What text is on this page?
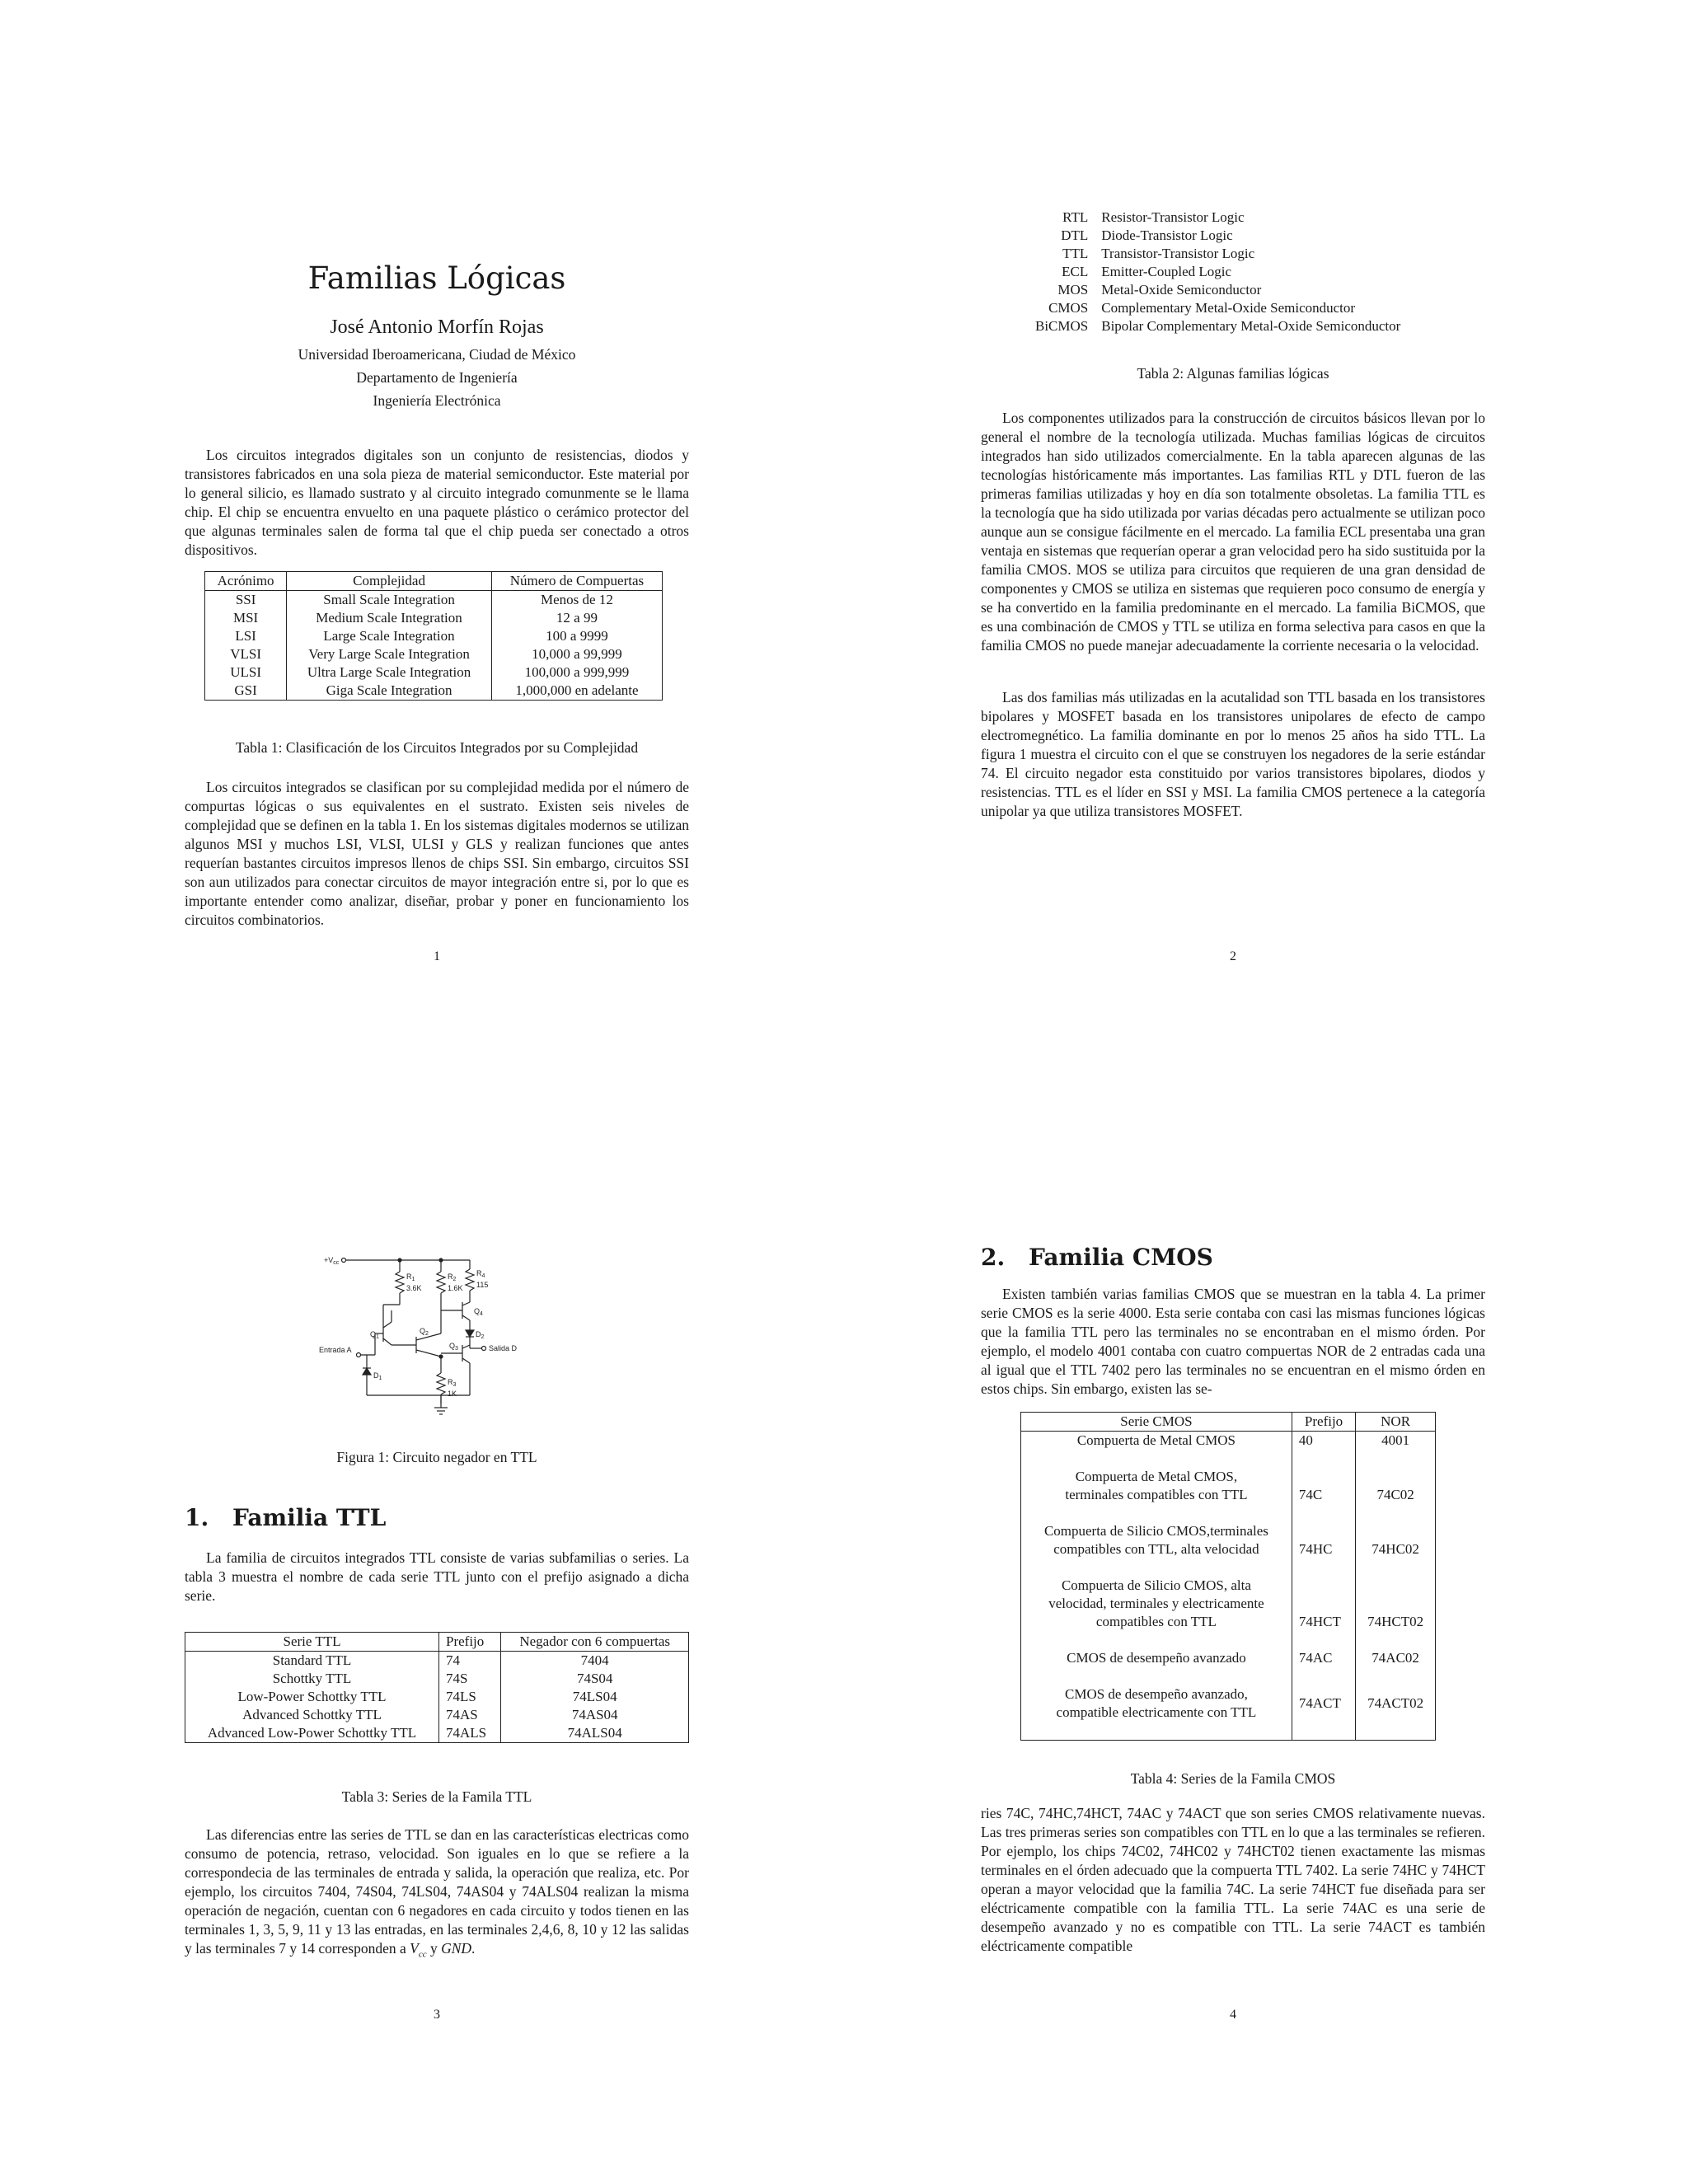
Familias Lógicas
José Antonio Morfín Rojas
Universidad Iberoamericana, Ciudad de México
Departamento de Ingeniería
Ingeniería Electrónica
Los circuitos integrados digitales son un conjunto de resistencias, diodos y transistores fabricados en una sola pieza de material semiconductor. Este material por lo general silicio, es llamado sustrato y al circuito integrado comunmente se le llama chip. El chip se encuentra envuelto en una paquete plástico o cerámico protector del que algunas terminales salen de forma tal que el chip pueda ser conectado a otros dispositivos.
Acrónimo	Complejidad	Número de Compuertas
SSI	Small Scale Integration	Menos de 12
MSI	Medium Scale Integration	12 a 99
LSI	Large Scale Integration	100 a 9999
VLSI	Very Large Scale Integration	10,000 a 99,999
ULSI	Ultra Large Scale Integration	100,000 a 999,999
GSI	Giga Scale Integration	1,000,000 en adelante
Tabla 1: Clasificación de los Circuitos Integrados por su Complejidad
Los circuitos integrados se clasifican por su complejidad medida por el número de compurtas lógicas o sus equivalentes en el sustrato. Existen seis niveles de complejidad que se definen en la tabla 1. En los sistemas digitales modernos se utilizan algunos MSI y muchos LSI, VLSI, ULSI y GLS y realizan funciones que antes requerían bastantes circuitos impresos llenos de chips SSI. Sin embargo, circuitos SSI son aun utilizados para conectar circuitos de mayor integración entre si, por lo que es importante entender como analizar, diseñar, probar y poner en funcionamiento los circuitos combinatorios.
1
RTL	Resistor-Transistor Logic
DTL	Diode-Transistor Logic
TTL	Transistor-Transistor Logic
ECL	Emitter-Coupled Logic
MOS	Metal-Oxide Semiconductor
CMOS	Complementary Metal-Oxide Semiconductor
BiCMOS	Bipolar Complementary Metal-Oxide Semiconductor
Tabla 2: Algunas familias lógicas
Los componentes utilizados para la construcción de circuitos básicos llevan por lo general el nombre de la tecnología utilizada. Muchas familias lógicas de circuitos integrados han sido utilizados comercialmente. En la tabla aparecen algunas de las tecnologías históricamente más importantes. Las familias RTL y DTL fueron de las primeras familias utilizadas y hoy en día son totalmente obsoletas. La familia TTL es la tecnología que ha sido utilizada por varias décadas pero actualmente se utilizan poco aunque aun se consigue fácilmente en el mercado. La familia ECL presentaba una gran ventaja en sistemas que requerían operar a gran velocidad pero ha sido sustituida por la familia CMOS. MOS se utiliza para circuitos que requieren de una gran densidad de componentes y CMOS se utiliza en sistemas que requieren poco consumo de energía y se ha convertido en la familia predominante en el mercado. La familia BiCMOS, que es una combinación de CMOS y TTL se utiliza en forma selectiva para casos en que la familia CMOS no puede manejar adecuadamente la corriente necesaria o la velocidad.
Las dos familias más utilizadas en la acutalidad son TTL basada en los transistores bipolares y MOSFET basada en los transistores unipolares de efecto de campo electromegnético. La familia dominante en por lo menos 25 años ha sido TTL. La figura 1 muestra el circuito con el que se construyen los negadores de la serie estándar 74. El circuito negador esta constituido por varios transistores bipolares, diodos y resistencias. TTL es el líder en SSI y MSI. La familia CMOS pertenece a la categoría unipolar ya que utiliza transistores MOSFET.
2
$+V_{cc}$
$R_1$
3.6K
$R_2$
1.6K
$R_4$
115
$Q_4$
$D_2$
$Q_1$
$Q_2$
$Q_3$	Salida D
Entrada A
$D_1$	$R_3$
1K
Figura 1: Circuito negador en TTL
1. Familia TTL
La familia de circuitos integrados TTL consiste de varias subfamilias o series. La tabla 3 muestra el nombre de cada serie TTL junto con el prefijo asignado a dicha serie.
Serie TTL	Prefijo	Negador con 6 compuertas
Standard TTL	74	7404
Schottky TTL	74S	74S04
Low-Power Schottky TTL	74LS	74LS04
Advanced Schottky TTL	74AS	74AS04
Advanced Low-Power Schottky TTL	74ALS	74ALS04
Tabla 3: Series de la Famila TTL
Las diferencias entre las series de TTL se dan en las características electricas como consumo de potencia, retraso, velocidad. Son iguales en lo que se refiere a la correspondecia de las terminales de entrada y salida, la operación que realiza, etc. Por ejemplo, los circuitos 7404, 74S04, 74LS04, 74AS04 y 74ALS04 realizan la misma operación de negación, cuentan con 6 negadores en cada circuito y todos tienen en las terminales 1, 3, 5, 9, 11 y 13 las entradas, en las terminales 2,4,6, 8, 10 y 12 las salidas y las terminales 7 y 14 corresponden a $V_{cc}$ y GND.
3
2. Familia CMOS
Existen también varias familias CMOS que se muestran en la tabla 4. La primer serie CMOS es la serie 4000. Esta serie contaba con casi las mismas funciones lógicas que la familia TTL pero las terminales no se encontraban en el mismo órden. Por ejemplo, el modelo 4001 contaba con cuatro compuertas NOR de 2 entradas cada una al igual que el TTL 7402 pero las terminales no se encuentran en el mismo órden en estos chips. Sin embargo, existen las se-
Serie CMOS	Prefijo	NOR

Compuerta de Metal CMOS	40	4001

Compuerta de Metal CMOS,
terminales compatibles con TTL	74C	74C02

Compuerta de Silicio CMOS,terminales
compatibles con TTL, alta velocidad	74HC	74HC02

Compuerta de Silicio CMOS, alta
velocidad, terminales y electricamente
compatibles con TTL	74HCT	74HCT02

CMOS de desempeño avanzado	74AC	74AC02

CMOS de desempeño avanzado,
compatible electricamente con TTL	74ACT	74ACT02
Tabla 4: Series de la Famila CMOS
ries 74C, 74HC,74HCT, 74AC y 74ACT que son series CMOS relativamente nuevas. Las tres primeras series son compatibles con TTL en lo que a las terminales se refieren. Por ejemplo, los chips 74C02, 74HC02 y 74HCT02 tienen exactamente las mismas terminales en el órden adecuado que la compuerta TTL 7402. La serie 74HC y 74HCT operan a mayor velocidad que la familia 74C. La serie 74HCT fue diseñada para ser eléctricamente compatible con la familia TTL. La serie 74AC es una serie de desempeño avanzado y no es compatible con TTL. La serie 74ACT es también eléctricamente compatible
4
